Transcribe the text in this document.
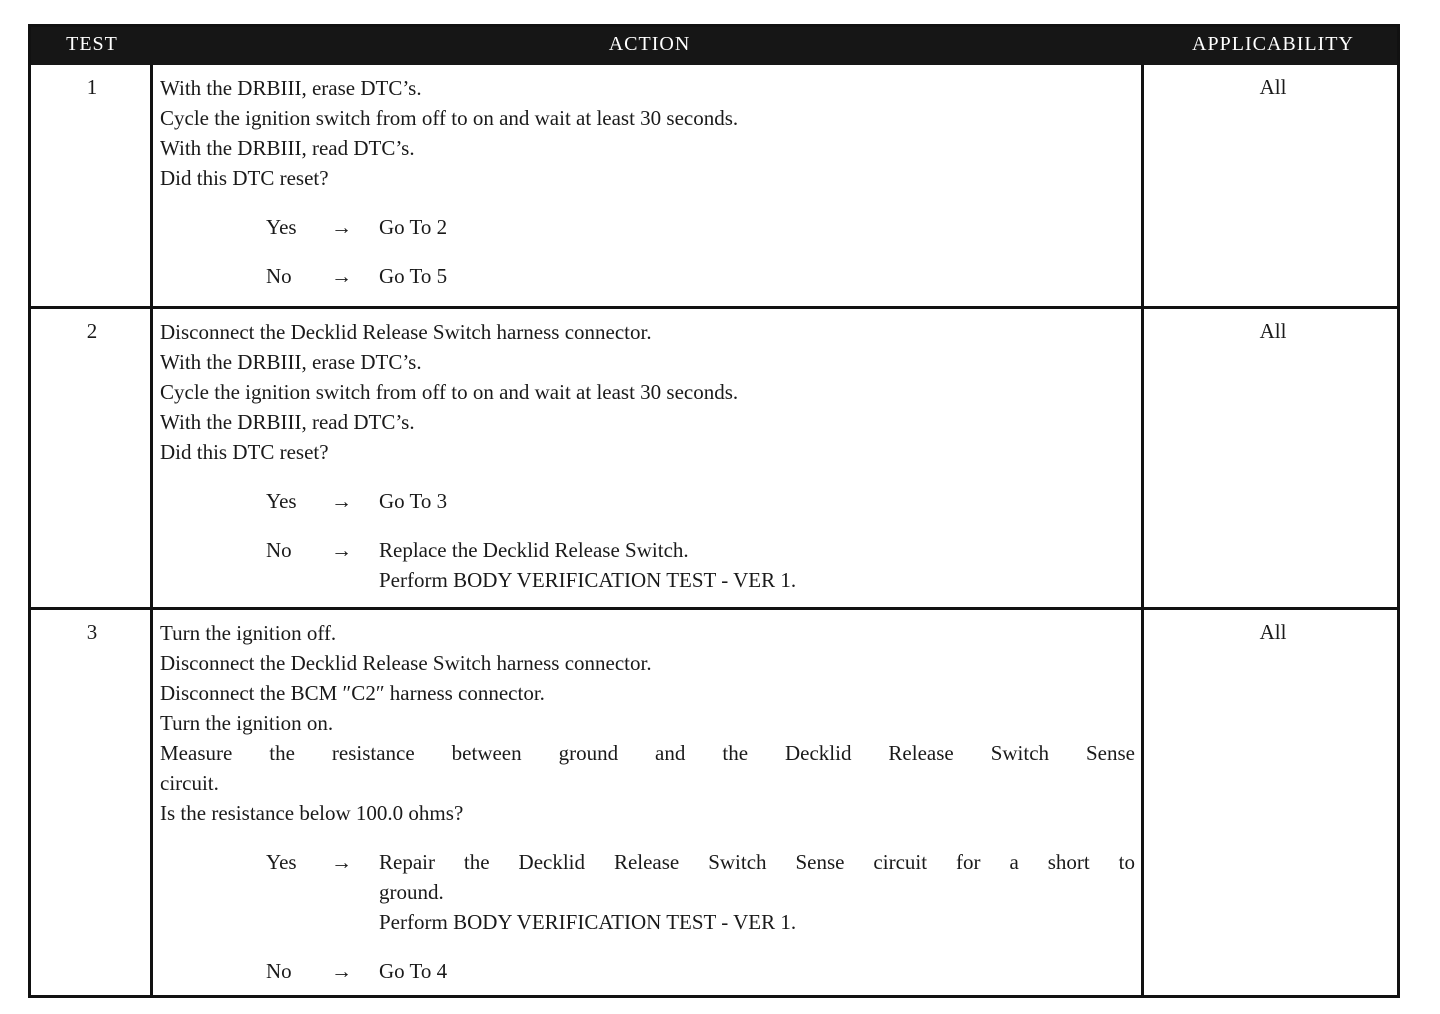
TEST	ACTION	APPLICABILITY
1	With the DRBIII, erase DTC’s.
Cycle the ignition switch from off to on and wait at least 30 seconds.
With the DRBIII, read DTC’s.
Did this DTC reset?
Yes → Go To 2
No → Go To 5
All
2	Disconnect the Decklid Release Switch harness connector.
With the DRBIII, erase DTC’s.
Cycle the ignition switch from off to on and wait at least 30 seconds.
With the DRBIII, read DTC’s.
Did this DTC reset?
Yes → Go To 3
No → Replace the Decklid Release Switch.
Perform BODY VERIFICATION TEST - VER 1.
All
3	Turn the ignition off.
Disconnect the Decklid Release Switch harness connector.
Disconnect the BCM ″C2″ harness connector.
Turn the ignition on.
Measure the resistance between ground and the Decklid Release Switch Sense
circuit.
Is the resistance below 100.0 ohms?
Yes → Repair the Decklid Release Switch Sense circuit for a short to
ground.
Perform BODY VERIFICATION TEST - VER 1.
No → Go To 4
All
